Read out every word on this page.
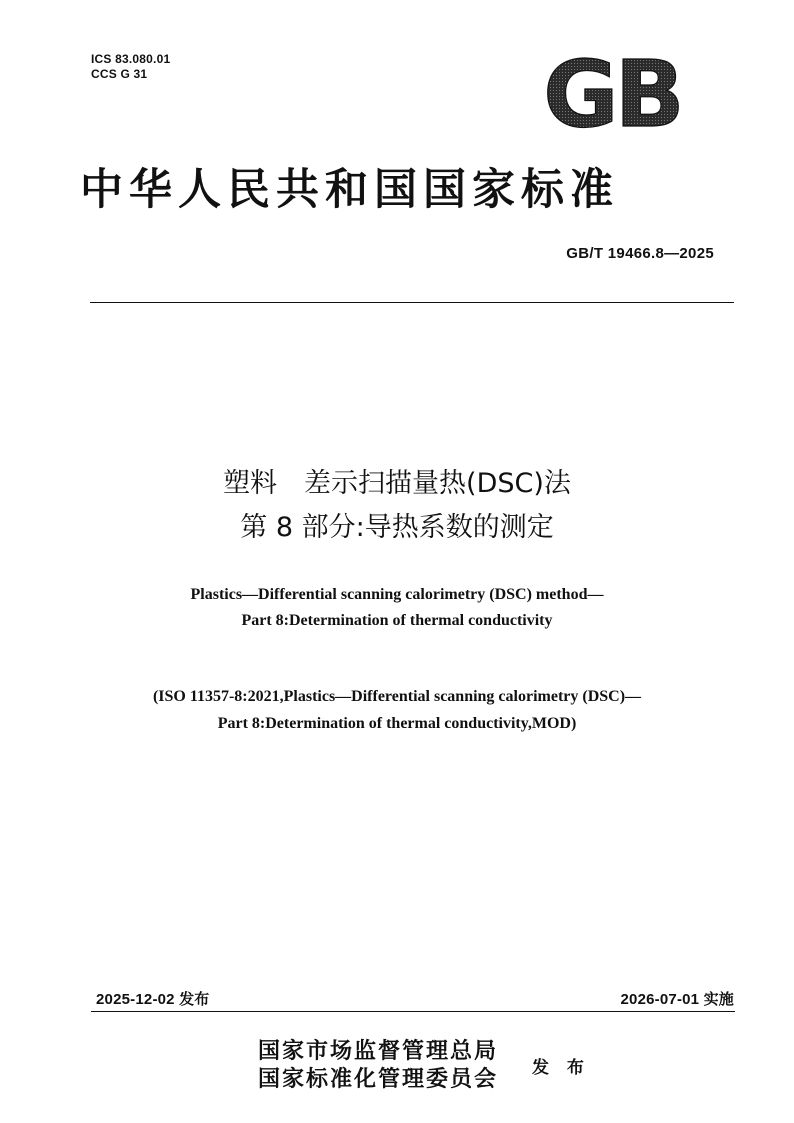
ICS 83.080.01
CCS G 31	GB
中华人民共和国国家标准
GB/T 19466.8—2025
塑料　差示扫描量热(DSC)法
第 8 部分:导热系数的测定
Plastics—Differential scanning calorimetry (DSC) method—
Part 8:Determination of thermal conductivity
(ISO 11357-8:2021,Plastics—Differential scanning calorimetry (DSC)—
Part 8:Determination of thermal conductivity,MOD)
2025-12-02 发布	2026-07-01 实施
国家市场监督管理总局
国家标准化管理委员会 发 布
